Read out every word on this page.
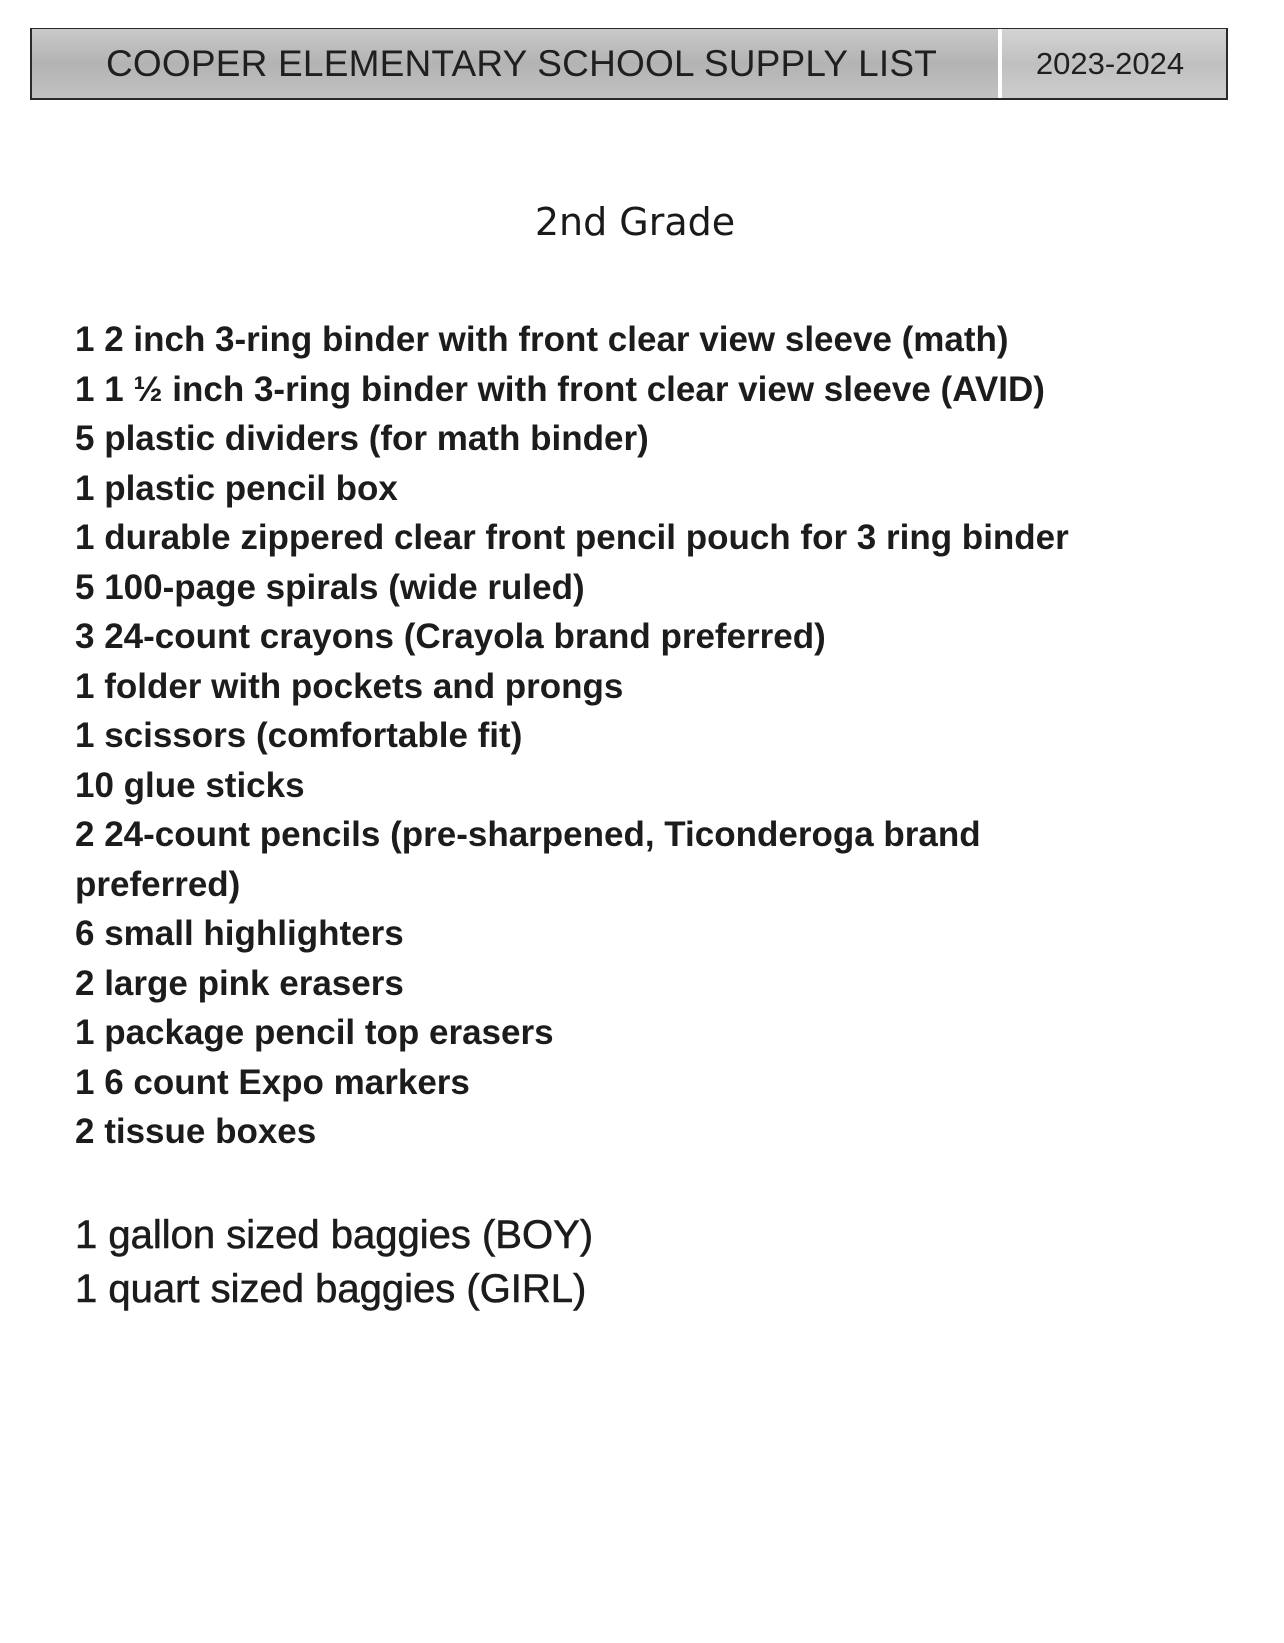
COOPER ELEMENTARY SCHOOL SUPPLY LIST	2023-2024
2nd Grade
1 2 inch 3-ring binder with front clear view sleeve (math)
1 1 ½ inch 3-ring binder with front clear view sleeve (AVID)
5 plastic dividers (for math binder)
1 plastic pencil box
1 durable zippered clear front pencil pouch for 3 ring binder
5 100-page spirals (wide ruled)
3 24-count crayons (Crayola brand preferred)
1 folder with pockets and prongs
1 scissors (comfortable fit)
10 glue sticks
2 24-count pencils (pre-sharpened, Ticonderoga brand preferred)
6 small highlighters
2 large pink erasers
1 package pencil top erasers
1 6 count Expo markers
2 tissue boxes
1 gallon sized baggies (BOY)
1 quart sized baggies (GIRL)
